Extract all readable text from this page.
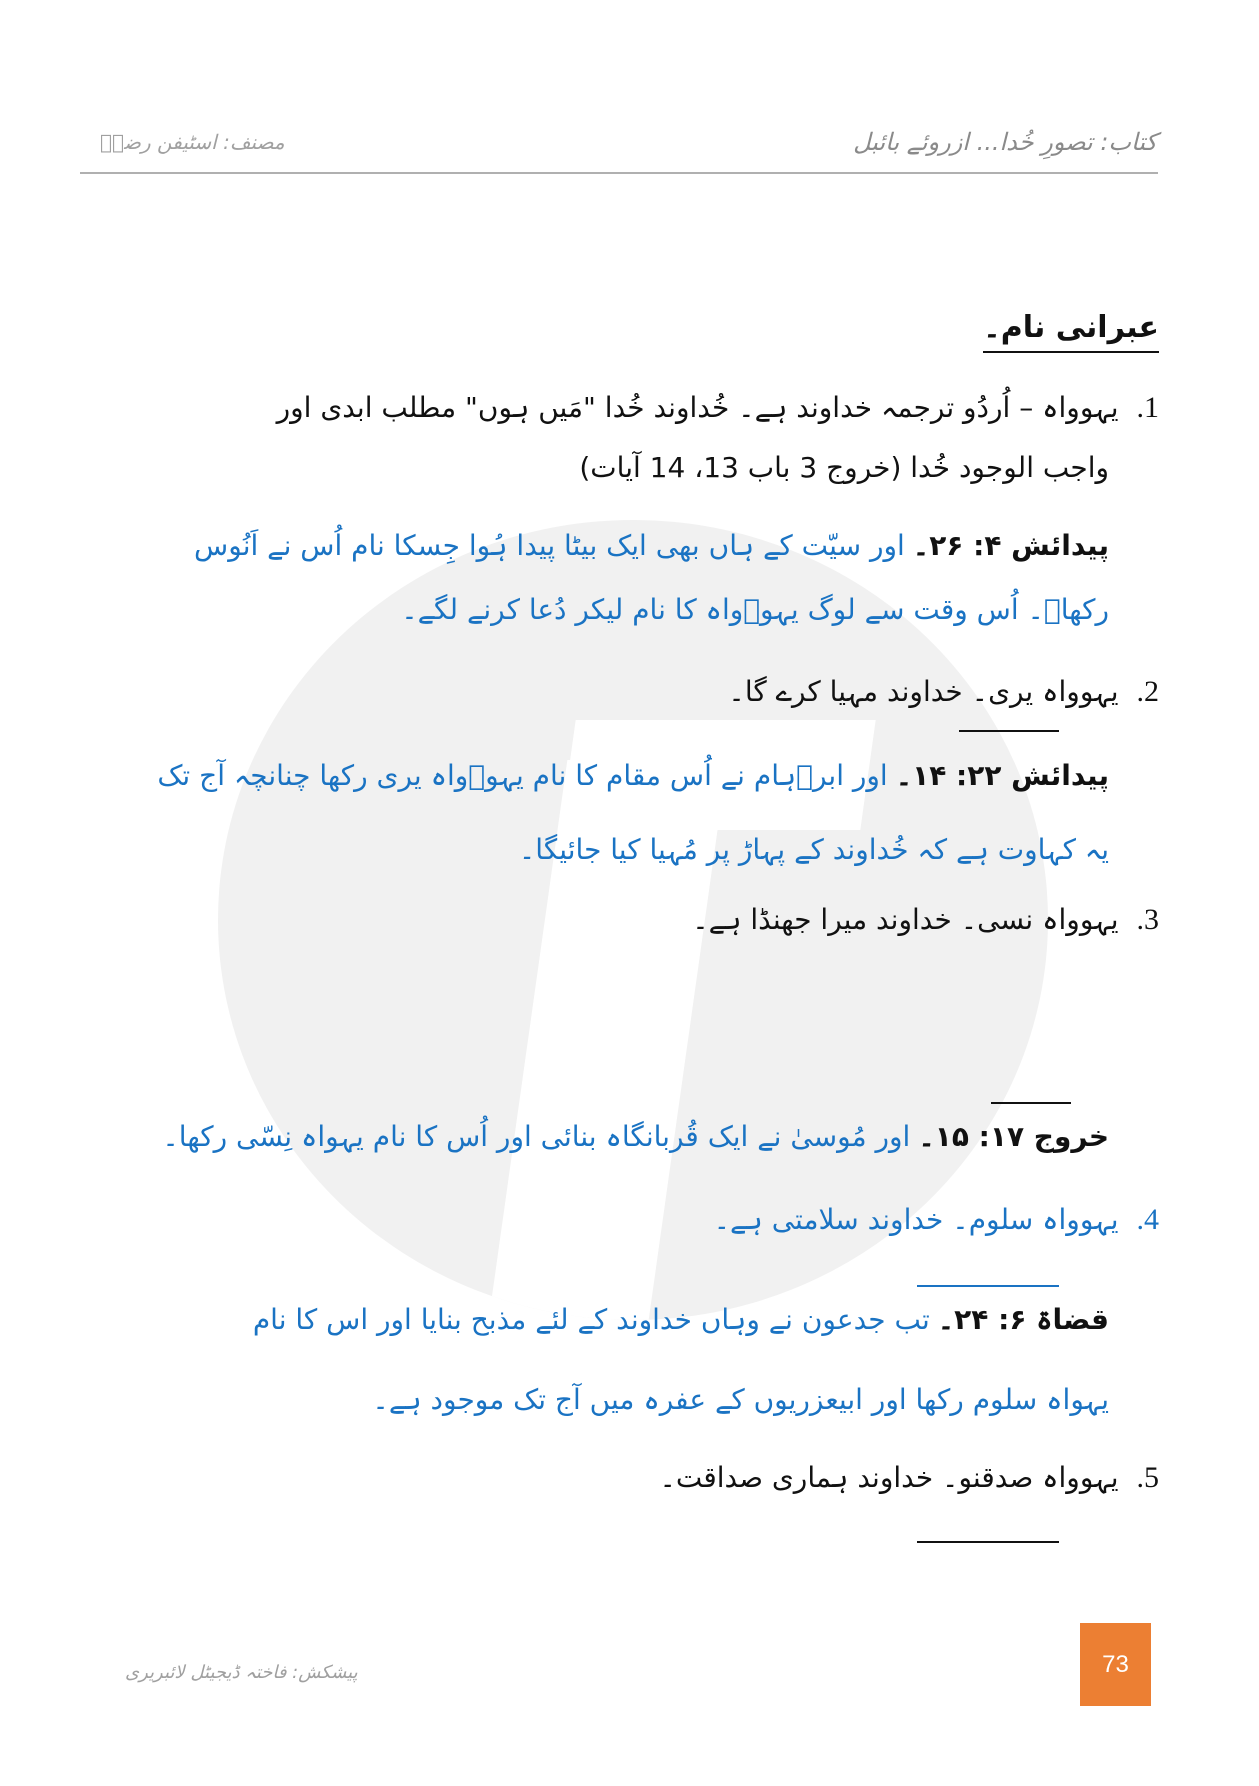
کتاب: تصورِ خُدا... ازروئے بائبل
مصنف: اسٹیفن رضاؔ
عبرانی نام۔
1.یہوواہ – اُردُو ترجمہ خداوند ہے۔ خُداوند خُدا "مَیں ہوں" مطلب ابدی اور
واجب الوجود خُدا (خروج 3 باب 13، 14 آیات)
پیدائش ۴: ۲۶۔اور سیّت کے ہاں بھی ایک بیٹا پیدا ہُوا جِسکا نام اُس نے اَنُوس
رکھاؔ۔ اُس وقت سے لوگ یہوؔواہ کا نام لیکر دُعا کرنے لگے۔
2.یہوواہ یری۔ خداوند مہیا کرے گا۔
پیدائش ۲۲: ۱۴۔اور ابرؔہام نے اُس مقام کا نام یہوؔواہ یری رکھا چنانچہ آج تک
یہ کہاوت ہے کہ خُداوند کے پہاڑ پر مُہیا کیا جائیگا۔
3.یہوواہ نسی۔ خداوند میرا جھنڈا ہے۔
خروج ۱۷: ۱۵۔اور مُوسیٰ نے ایک قُربانگاہ بنائی اور اُس کا نام یہواہ نِسّی رکھا۔
4.یہوواہ سلوم۔ خداوند سلامتی ہے۔
قضاۃ ۶: ۲۴۔تب جدعون نے وہاں خداوند کے لئے مذبح بنایا اور اس کا نام
یہواہ سلوم رکھا اور ابیعزریوں کے عفرہ میں آج تک موجود ہے۔
5.یہوواہ صدقنو۔ خداوند ہماری صداقت۔
پیشکش: فاختہ ڈیجیٹل لائبریری	73
